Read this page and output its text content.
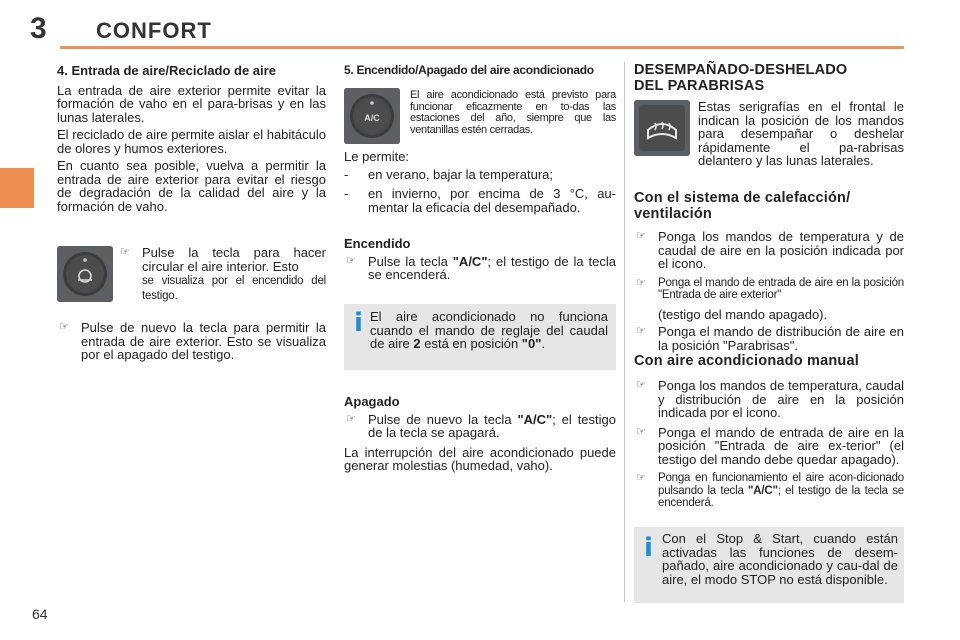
3 CONFORT
64
4. Entrada de aire/Reciclado de aire
La entrada de aire exterior permite evitar la formación de vaho en el para-brisas y en las lunas laterales.
El reciclado de aire permite aislar el habitáculo de olores y humos exteriores.
En cuanto sea posible, vuelva a permitir la entrada de aire exterior para evitar el riesgo de degradación de la calidad del aire y la formación de vaho.
☞ Pulse la tecla para hacer circular el aire interior. Esto
se visualiza por el encendido del testigo.
☞ Pulse de nuevo la tecla para permitir la entrada de aire exterior. Esto se visualiza por el apagado del testigo.
5. Encendido/Apagado del aire acondicionado
A/C
El aire acondicionado está previsto para funcionar eficazmente en to-das las estaciones del año, siempre que las ventanillas estén cerradas.
Le permite:
- en verano, bajar la temperatura;
- en invierno, por encima de 3 °C, au-mentar la eficacia del desempañado.
Encendido
☞ Pulse la tecla "A/C"; el testigo de la tecla se encenderá.
i El aire acondicionado no funciona cuando el mando de reglaje del caudal de aire 2 está en posición "0".
Apagado
☞ Pulse de nuevo la tecla "A/C"; el testigo de la tecla se apagará.
La interrupción del aire acondicionado puede generar molestias (humedad, vaho).
DESEMPAÑADO-DESHELADO
DEL PARABRISAS
Estas serigrafías en el frontal le indican la posición de los mandos para desempañar o deshelar rápidamente el pa-rabrisas delantero y las lunas laterales.
Con el sistema de calefacción/ ventilación
☞ Ponga los mandos de temperatura y de caudal de aire en la posición indicada por el icono.
☞ Ponga el mando de entrada de aire en la posición "Entrada de aire exterior"
(testigo del mando apagado).
☞ Ponga el mando de distribución de aire en la posición "Parabrisas".
Con aire acondicionado manual
☞ Ponga los mandos de temperatura, caudal y distribución de aire en la posición indicada por el icono.
☞ Ponga el mando de entrada de aire en la posición "Entrada de aire ex-terior" (el testigo del mando debe quedar apagado).
☞ Ponga en funcionamiento el aire acon-dicionado pulsando la tecla "A/C"; el testigo de la tecla se encenderá.
i Con el Stop & Start, cuando están activadas las funciones de desem-pañado, aire acondicionado y cau-dal de aire, el modo STOP no está disponible.
